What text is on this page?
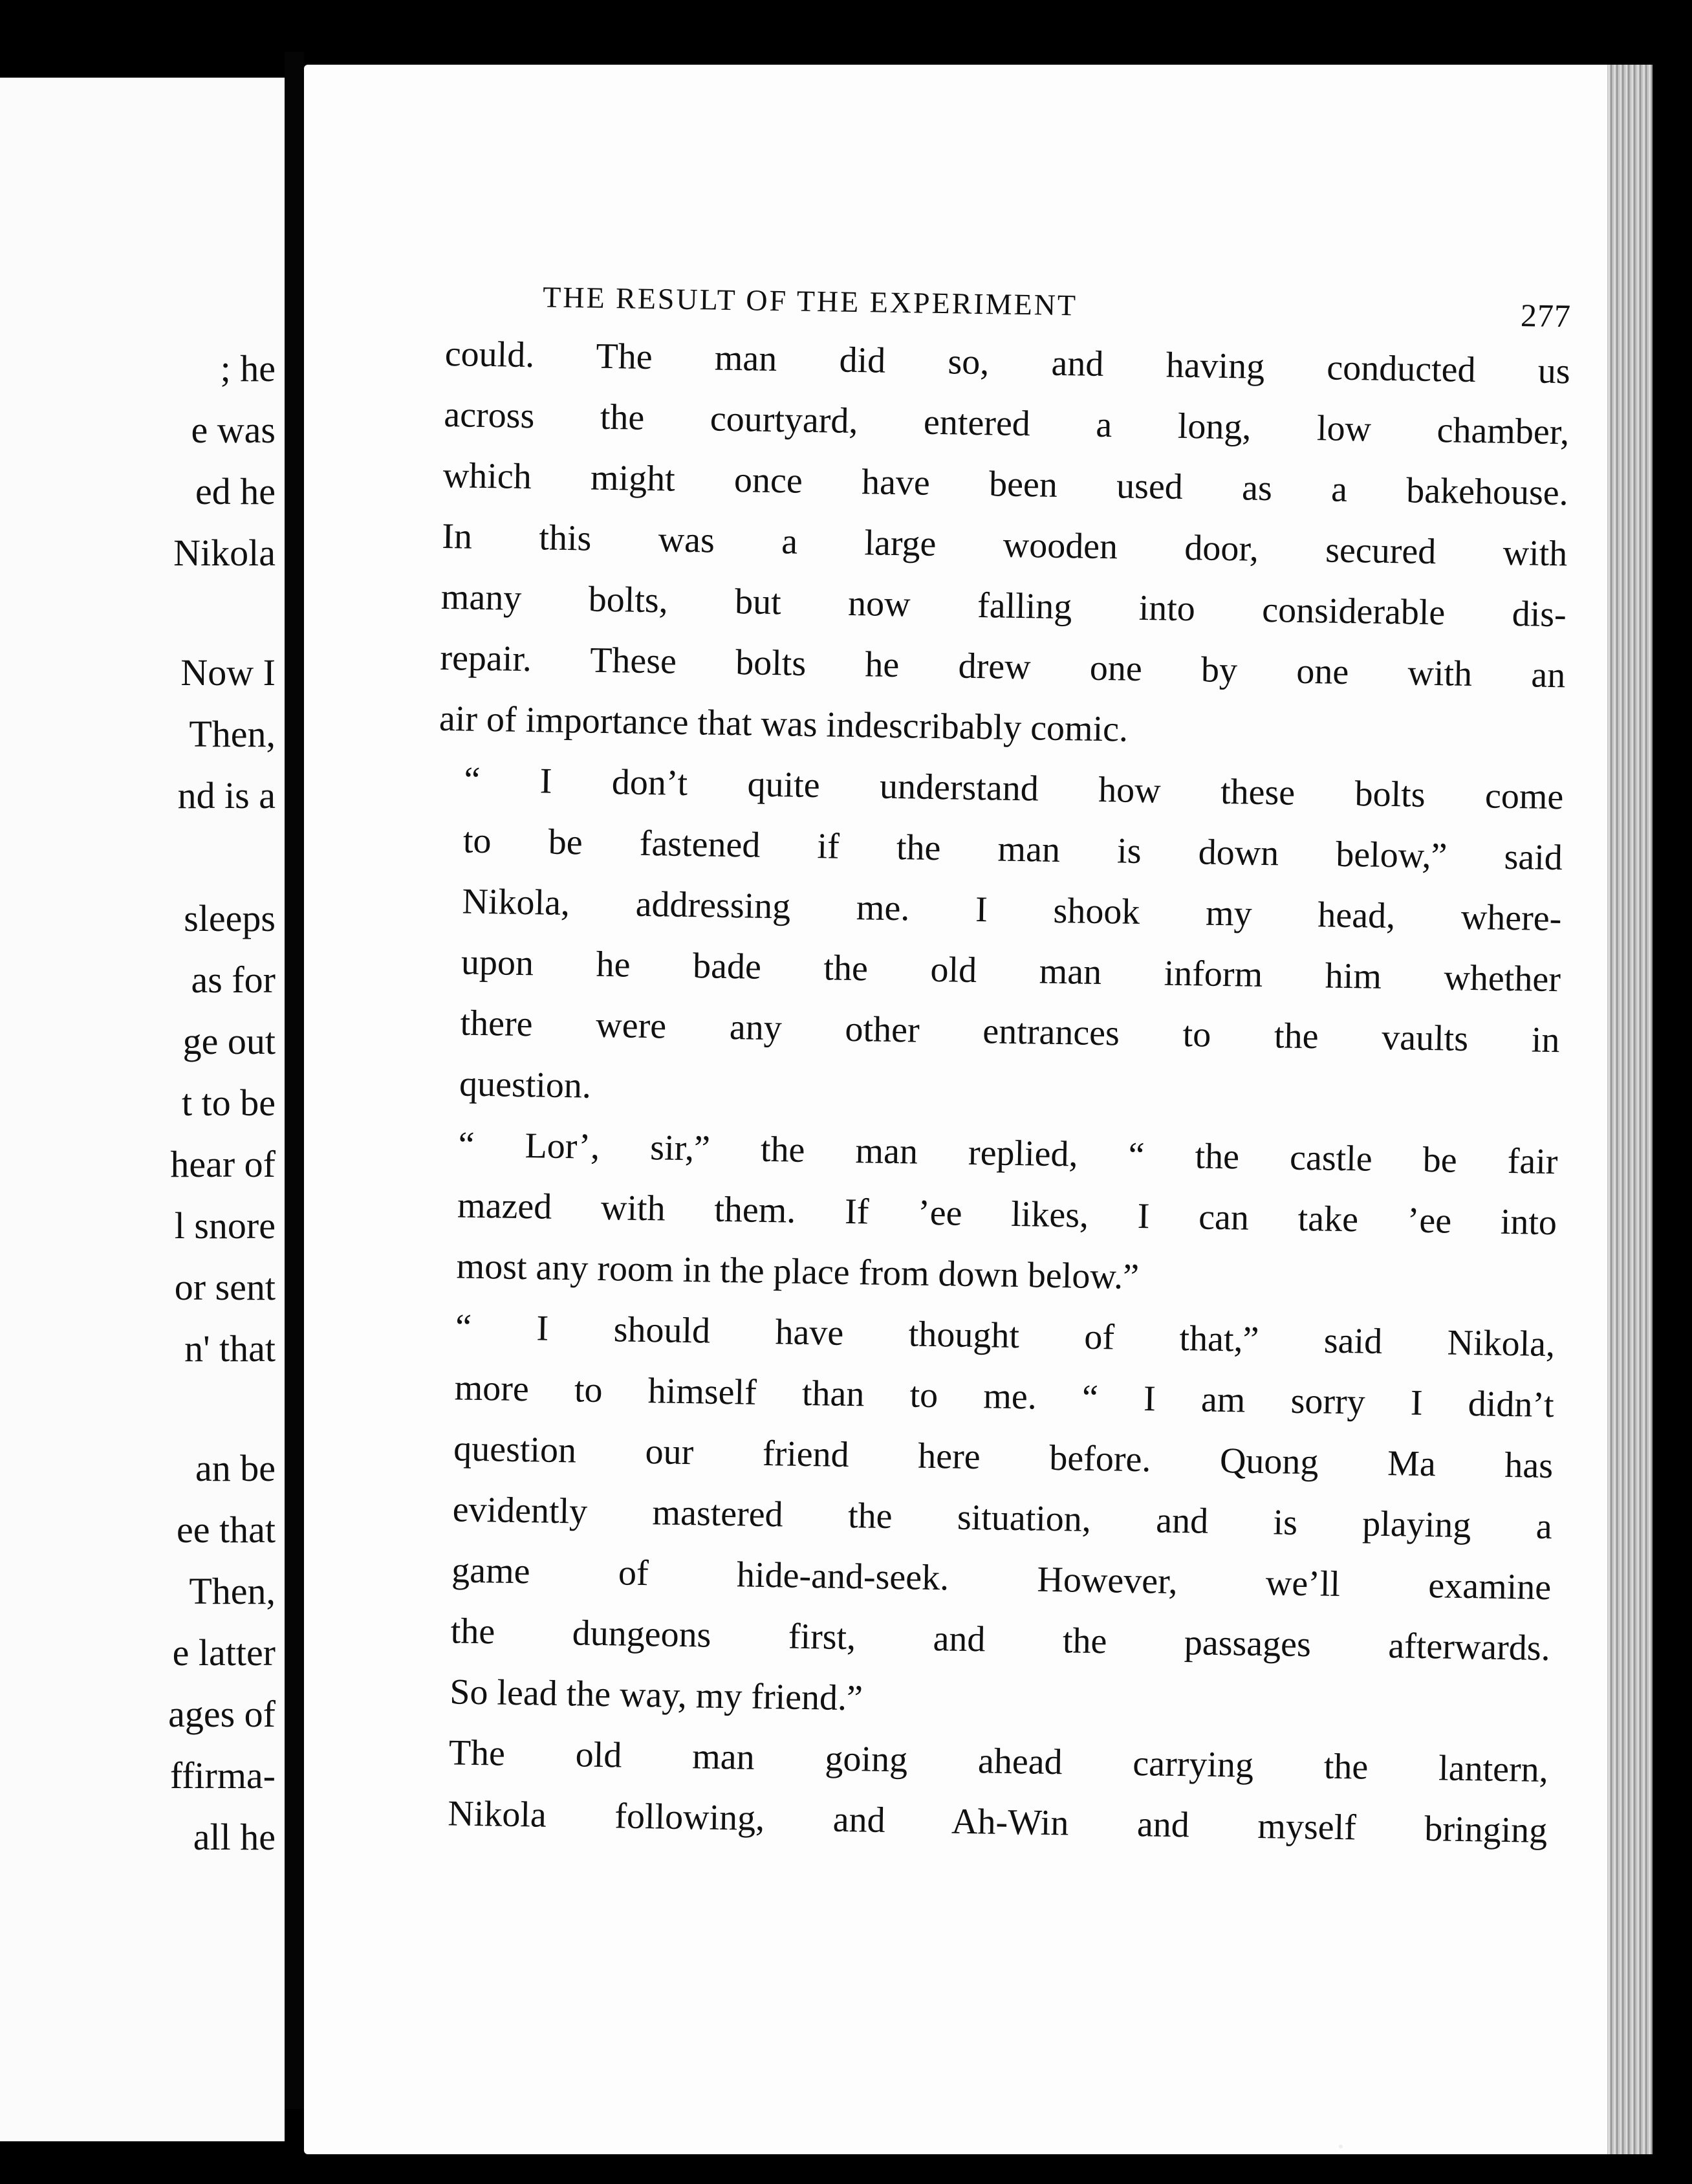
; he
e was
ed he
Nikola
Now I
Then,
nd is a
sleeps
as for
ge out
t to be
hear of
l snore
or sent
n' that
an be
ee that
Then,
e latter
ages of
ffirma-
all he
THE RESULT OF THE EXPERIMENT	277

could. The man did so, and having conducted us
across the courtyard, entered a long, low chamber,
which might once have been used as a bakehouse.
In this was a large wooden door, secured with
many bolts, but now falling into considerable dis-
repair. These bolts he drew one by one with an
air of importance that was indescribably comic.

“ I don’t quite understand how these bolts come
to be fastened if the man is down below,” said
Nikola, addressing me. I shook my head, where-
upon he bade the old man inform him whether
there were any other entrances to the vaults in
question.

“ Lor’, sir,” the man replied, “ the castle be fair
mazed with them. If ’ee likes, I can take ’ee into
most any room in the place from down below.”

“ I should have thought of that,” said Nikola,
more to himself than to me. “ I am sorry I didn’t
question our friend here before. Quong Ma has
evidently mastered the situation, and is playing a
game of hide-and-seek. However, we’ll examine
the dungeons first, and the passages afterwards.
So lead the way, my friend.”

The old man going ahead carrying the lantern,
Nikola following, and Ah-Win and myself bringing
